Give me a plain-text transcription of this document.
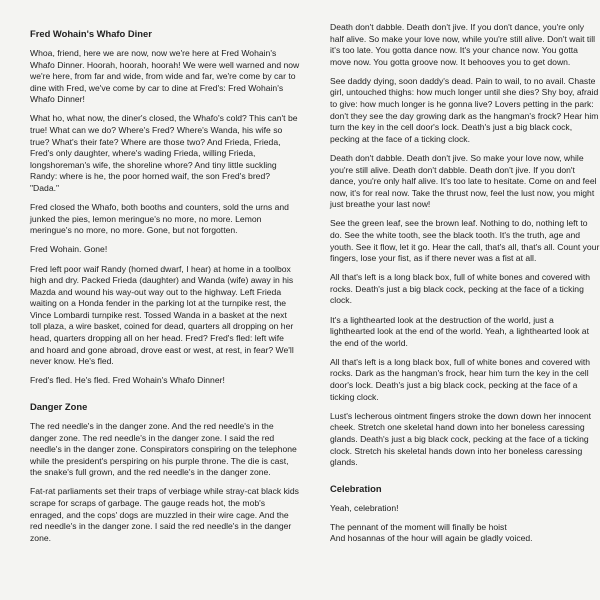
Fred Wohain's Whafo Diner

Whoa, friend, here we are now, now we're here at Fred Wohain's Whafo Dinner. Hoorah, hoorah, hoorah! We were well warned and now we're here, from far and wide, from wide and far, we're come by car to dine with Fred, we've come by car to dine at Fred's: Fred Wohain's Whafo Dinner!

What ho, what now, the diner's closed, the Whafo's cold? This can't be true! What can we do? Where's Fred? Where's Wanda, his wife so true? What's their fate? Where are those two? And Frieda, Frieda, Fred's only daughter, where's wading Frieda, willing Frieda, longshoreman's wife, the shoreline whore? And tiny little suckling Randy: where is he, the poor horned waif, the son Fred's bred? "Dada."

Fred closed the Whafo, both booths and counters, sold the urns and junked the pies, lemon meringue's no more, no more. Lemon meringue's no more, no more. Gone, but not forgotten.

Fred Wohain. Gone!

Fred left poor waif Randy (horned dwarf, I hear) at home in a toolbox high and dry. Packed Frieda (daughter) and Wanda (wife) away in his Mazda and wound his way-out way out to the highway. Left Frieda waiting on a Honda fender in the parking lot at the turnpike rest, the Vince Lombardi turnpike rest. Tossed Wanda in a basket at the next toll plaza, a wire basket, coined for dead, quarters all dropping on her head, quarters dropping all on her head. Fred? Fred's fled: left wife and hoard and gone abroad, drove east or west, at rest, in fear? We'll never know. He's fled.

Fred's fled. He's fled. Fred Wohain's Whafo Dinner!

Danger Zone

The red needle's in the danger zone. And the red needle's in the danger zone. The red needle's in the danger zone. I said the red needle's in the danger zone. Conspirators conspiring on the telephone while the president's perspiring on his purple throne. The die is cast, the snake's full grown, and the red needle's in the danger zone.

Fat-rat parliaments set their traps of verbiage while stray-cat black kids scrape for scraps of garbage. The gauge reads hot, the mob's enraged, and the cops' dogs are muzzled in their wire cage. And the red needle's in the danger zone. I said the red needle's in the danger zone.

Death don't dabble. Death don't jive. If you don't dance, you're only half alive. So make your love now, while you're still alive. Don't wait till it's too late. You gotta dance now. It's your chance now. You gotta move now. You gotta groove now. It behooves you to get down.

See daddy dying, soon daddy's dead. Pain to wail, to no avail. Chaste girl, untouched thighs: how much longer until she dies? Shy boy, afraid to give: how much longer is he gonna live? Lovers petting in the park: don't they see the day growing dark as the hangman's frock? Hear him turn the key in the cell door's lock. Death's just a big black cock, pecking at the face of a ticking clock.

Death don't dabble. Death don't jive. So make your love now, while you're still alive. Death don't dabble. Death don't jive. If you don't dance, you're only half alive. It's too late to hesitate. Come on and feel now, it's for real now. Take the thrust now, feel the lust now, you might just breathe your last now!

See the green leaf, see the brown leaf. Nothing to do, nothing left to do. See the white tooth, see the black tooth. It's the truth, age and youth. See it flow, let it go. Hear the call, that's all, that's all. Count your fingers, lose your fist, as if there never was a fist at all.

All that's left is a long black box, full of white bones and covered with rocks. Death's just a big black cock, pecking at the face of a ticking clock.

It's a lighthearted look at the destruction of the world, just a lighthearted look at the end of the world. Yeah, a lighthearted look at the end of the world.

All that's left is a long black box, full of white bones and covered with rocks. Dark as the hangman's frock, hear him turn the key in the cell door's lock. Death's just a big black cock, pecking at the face of a ticking clock.

Lust's lecherous ointment fingers stroke the down down her innocent cheek. Stretch one skeletal hand down into her boneless caressing glands. Death's just a big black cock, pecking at the face of a ticking clock. Stretch his skeletal hands down into her boneless caressing glands.

Celebration

Yeah, celebration!

The pennant of the moment will finally be hoist
And hosannas of the hour will again be gladly voiced.
